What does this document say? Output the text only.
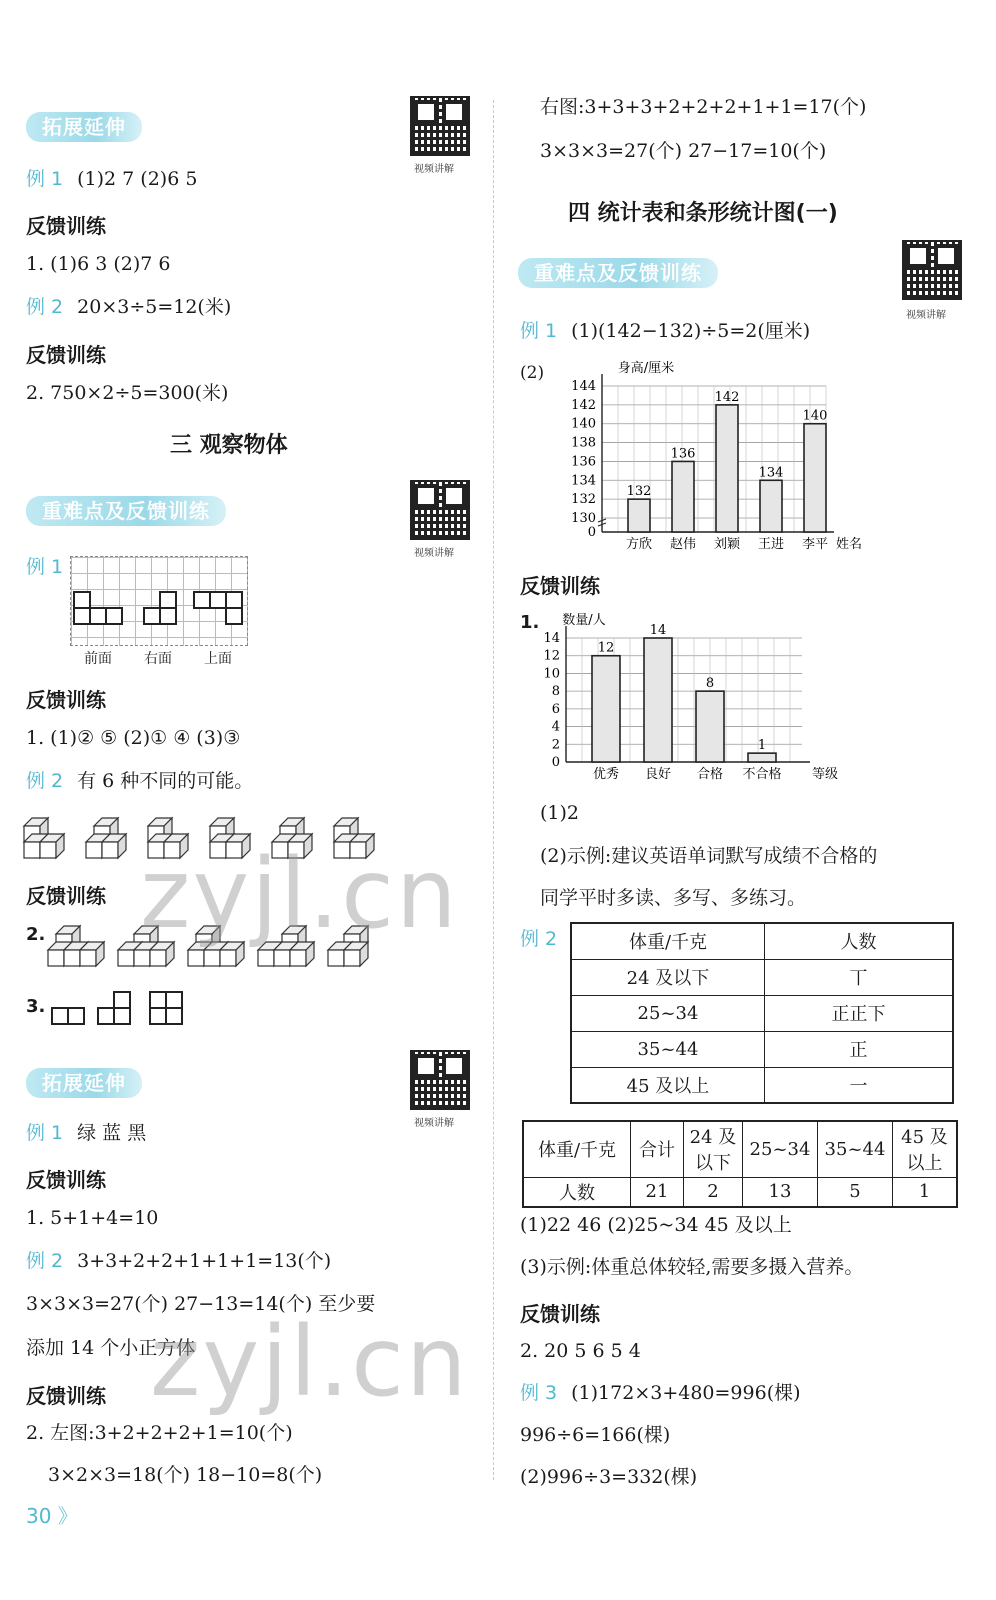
拓展延伸
视频讲解
例 1 (1)2 7 (2)6 5
反馈训练
1. (1)6 3 (2)7 6
例 2 20×3÷5=12(米)
反馈训练
2. 750×2÷5=300(米)
三 观察物体
重难点及反馈训练
视频讲解
例 1
前面 右面 上面
反馈训练
1. (1)② ⑤ (2)① ④ (3)③
例 2 有 6 种不同的可能。
反馈训练
2.
3.
拓展延伸
视频讲解
例 1 绿 蓝 黑
反馈训练
1. 5+1+4=10
例 2 3+3+2+2+1+1+1=13(个)
3×3×3=27(个) 27−13=14(个) 至少要
添加 14 个小正方体
反馈训练
2. 左图:3+2+2+2+1=10(个)
3×2×3=18(个) 18−10=8(个)
右图:3+3+3+2+2+2+1+1=17(个)
3×3×3=27(个) 27−17=10(个)
四 统计表和条形统计图(一)
重难点及反馈训练
视频讲解
例 1 (1)(142−132)÷5=2(厘米)
(2)
0
130
132
134
136
138
140
142
144
身高/厘米
132
方欣
136
赵伟
142
刘颖
134
王进
140
李平 姓名
反馈训练
1.
0
2
4
6
8
10
12
14
数量/人
12
优秀
14
良好
8
合格
1
不合格 等级
(1)2
(2)示例:建议英语单词默写成绩不合格的
同学平时多读、多写、多练习。
例 2	体重/千克	人数
24 及以下	丅
25~34	正正下
35~44	正
45 及以上	一
体重/千克	合计	24 及以下	25~34	35~44	45 及以上
人数	21	2	13	5	1
(1)22 46 (2)25~34 45 及以上
(3)示例:体重总体较轻,需要多摄入营养。
反馈训练
2. 20 5 6 5 4
例 3 (1)172×3+480=996(棵)
996÷6=166(棵)
(2)996÷3=332(棵)
30 》
zyjl.cn
zyjl.cn
